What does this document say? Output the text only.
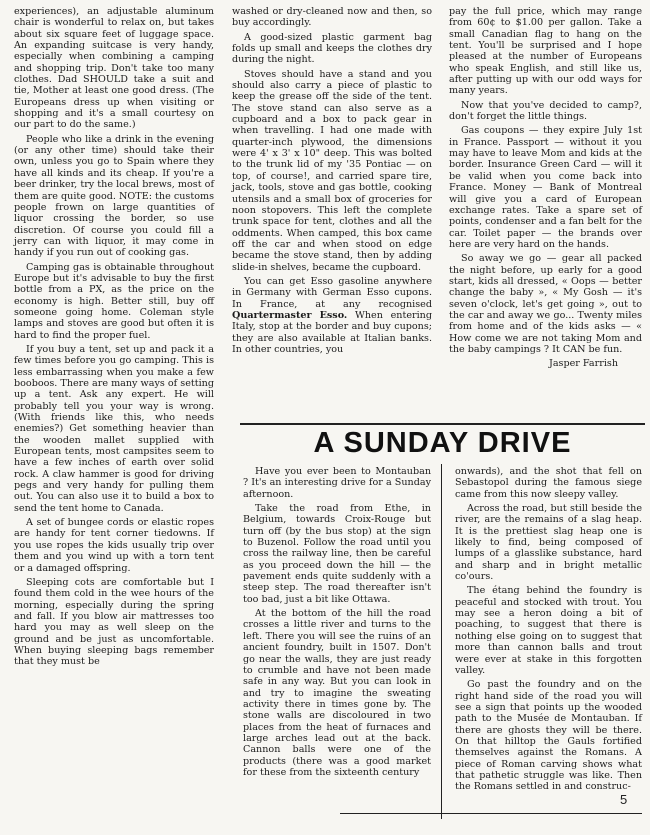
experiences), an adjustable aluminum chair is wonderful to relax on, but takes about six square feet of luggage space. An expanding suitcase is very handy, especially when combining a camping and shopping trip. Don't take too many clothes. Dad SHOULD take a suit and tie, Mother at least one good dress. (The Europeans dress up when visiting or shopping and it's a small courtesy on our part to do the same.)

People who like a drink in the evening (or any other time) should take their own, unless you go to Spain where they have all kinds and its cheap. If you're a beer drinker, try the local brews, most of them are quite good. NOTE: the customs people frown on large quantities of liquor crossing the border, so use discretion. Of course you could fill a jerry can with liquor, it may come in handy if you run out of cooking gas.

Camping gas is obtainable throughout Europe but it's advisable to buy the first bottle from a PX, as the price on the economy is high. Better still, buy off someone going home. Coleman style lamps and stoves are good but often it is hard to find the proper fuel.

If you buy a tent, set up and pack it a few times before you go camping. This is less embarrassing when you make a few booboos. There are many ways of setting up a tent. Ask any expert. He will probably tell you your way is wrong. (With friends like this, who needs enemies?) Get something heavier than the wooden mallet supplied with European tents, most campsites seem to have a few inches of earth over solid rock. A claw hammer is good for driving pegs and very handy for pulling them out. You can also use it to build a box to send the tent home to Canada.

A set of bungee cords or elastic ropes are handy for tent corner tiedowns. If you use ropes the kids usually trip over them and you wind up with a torn tent or a damaged offspring.

Sleeping cots are comfortable but I found them cold in the wee hours of the morning, especially during the spring and fall. If you blow air mattresses too hard you may as well sleep on the ground and be just as uncomfortable. When buying sleeping bags remember that they must be

washed or dry-cleaned now and then, so buy accordingly.

A good-sized plastic garment bag folds up small and keeps the clothes dry during the night.

Stoves should have a stand and you should also carry a piece of plastic to keep the grease off the side of the tent. The stove stand can also serve as a cupboard and a box to pack gear in when travelling. I had one made with quarter-inch plywood, the dimensions were 4' x 3' x 10" deep. This was bolted to the trunk lid of my '35 Pontiac — on top, of course!, and carried spare tire, jack, tools, stove and gas bottle, cooking utensils and a small box of groceries for noon stopovers. This left the complete trunk space for tent, clothes and all the oddments. When camped, this box came off the car and when stood on edge became the stove stand, then by adding slide-in shelves, became the cupboard.

You can get Esso gasoline anywhere in Germany with German Esso cupons. In France, at any recognised Quartermaster Esso. When entering Italy, stop at the border and buy cupons; they are also available at Italian banks. In other countries, you

pay the full price, which may range from 60¢ to $1.00 per gallon. Take a small Canadian flag to hang on the tent. You'll be surprised and I hope pleased at the number of Europeans who speak English, and still like us, after putting up with our odd ways for many years.

Now that you've decided to camp?, don't forget the little things.

Gas coupons — they expire July 1st in France. Passport — without it you may have to leave Mom and kids at the border. Insurance Green Card — will it be valid when you come back into France. Money — Bank of Montreal will give you a card of European exchange rates. Take a spare set of points, condenser and a fan belt for the car. Toilet paper — the brands over here are very hard on the hands.

So away we go — gear all packed the night before, up early for a good start, kids all dressed, « Oops — better change the baby », « My Gosh — it's seven o'clock, let's get going », out to the car and away we go... Twenty miles from home and of the kids asks — « How come we are not taking Mom and the baby campings ? It CAN be fun.

Jasper Farrish

A SUNDAY DRIVE

Have you ever been to Montauban ? It's an interesting drive for a Sunday afternoon.

Take the road from Ethe, in Belgium, towards Croix-Rouge but turn off (by the bus stop) at the sign to Buzenol. Follow the road until you cross the railway line, then be careful as you proceed down the hill — the pavement ends quite suddenly with a steep step. The road thereafter isn't too bad, just a bit like Ottawa.

At the bottom of the hill the road crosses a little river and turns to the left. There you will see the ruins of an ancient foundry, built in 1507. Don't go near the walls, they are just ready to crumble and have not been made safe in any way. But you can look in and try to imagine the sweating activity there in times gone by. The stone walls are discoloured in two places from the heat of furnaces and large arches lead out at the back. Cannon balls were one of the products (there was a good market for these from the sixteenth century

onwards), and the shot that fell on Sebastopol during the famous siege came from this now sleepy valley.

Across the road, but still beside the river, are the remains of a slag heap. It is the prettiest slag heap one is likely to find, being composed of lumps of a glasslike substance, hard and sharp and in bright metallic co'ours.

The étang behind the foundry is peaceful and stocked with trout. You may see a heron doing a bit of poaching, to suggest that there is nothing else going on to suggest that more than cannon balls and trout were ever at stake in this forgotten valley.

Go past the foundry and on the right hand side of the road you will see a sign that points up the wooded path to the Musée de Montauban. If there are ghosts they will be there. On that hilltop the Gauls fortified themselves against the Romans. A piece of Roman carving shows what that pathetic struggle was like. Then the Romans settled in and construc-

5
